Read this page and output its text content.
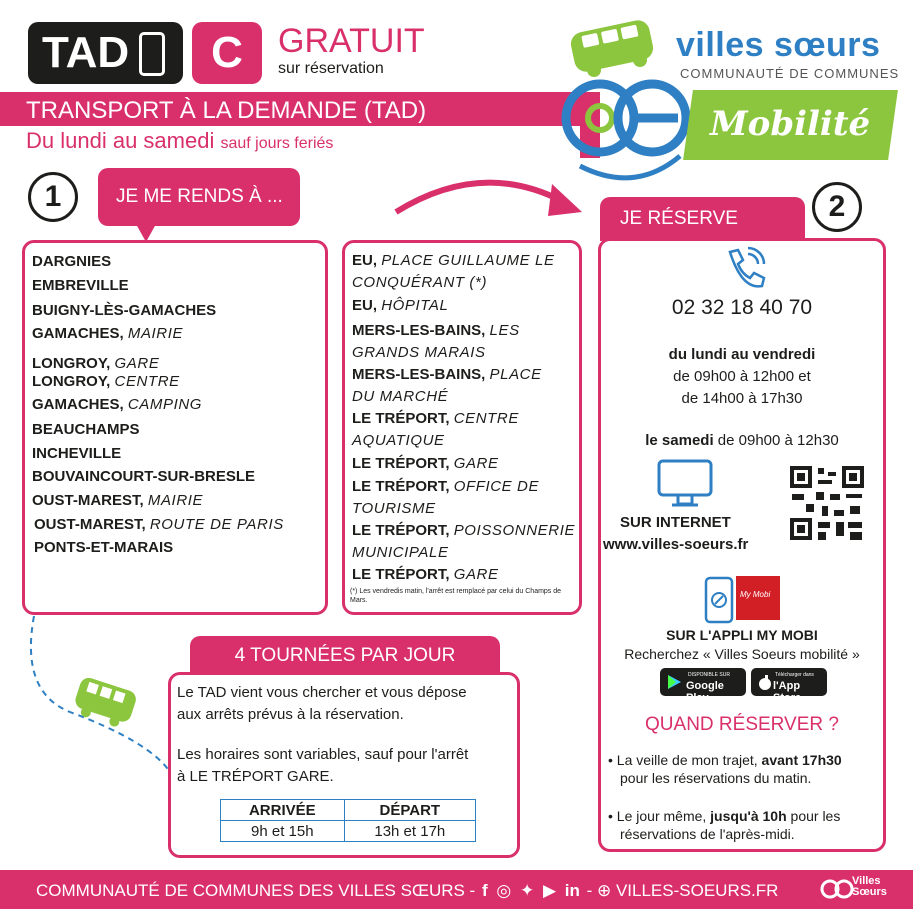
TAD	C	GRATUIT
sur réservation
TRANSPORT À LA DEMANDE (TAD)
Du lundi au samedi sauf jours feriés
villes sœurs
COMMUNAUTÉ DE COMMUNES
Mobilité
1	JE ME RENDS À ...
DARGNIES
EMBREVILLE
BUIGNY-LÈS-GAMACHES
GAMACHES, MAIRIE
LONGROY, GARE
LONGROY, CENTRE
GAMACHES, CAMPING
BEAUCHAMPS
INCHEVILLE
BOUVAINCOURT-SUR-BRESLE
OUST-MAREST, MAIRIE
OUST-MAREST, ROUTE DE PARIS
PONTS-ET-MARAIS
EU, PLACE GUILLAUME LE
CONQUÉRANT (*)
EU, HÔPITAL
MERS-LES-BAINS, LES
GRANDS MARAIS
MERS-LES-BAINS, PLACE
DU MARCHÉ
LE TRÉPORT, CENTRE
AQUATIQUE
LE TRÉPORT, GARE
LE TRÉPORT, OFFICE DE
TOURISME
LE TRÉPORT, POISSONNERIE
MUNICIPALE
LE TRÉPORT, GARE
(*) Les vendredis matin, l'arrêt est remplacé par celui du Champs de Mars.
JE RÉSERVE	2
02 32 18 40 70
du lundi au vendredi
de 09h00 à 12h00 et
de 14h00 à 17h30
le samedi de 09h00 à 12h30
SUR INTERNET
www.villes-soeurs.fr
My Mobi
SUR L'APPLI MY MOBI
Recherchez « Villes Soeurs mobilité »
DISPONIBLE SUR
Google Play
Télécharger dans
l'App Store
QUAND RÉSERVER ?
• La veille de mon trajet, avant 17h30
pour les réservations du matin.
• Le jour même, jusqu'à 10h pour les
réservations de l'après-midi.
4 TOURNÉES PAR JOUR
Le TAD vient vous chercher et vous dépose
aux arrêts prévus à la réservation.
Les horaires sont variables, sauf pour l'arrêt
à LE TRÉPORT GARE.
ARRIVÉE	DÉPART
9h et 15h	13h et 17h
COMMUNAUTÉ DE COMMUNES DES VILLES SŒURS - f ◎ ✦ ▶ in - ⊕ VILLES-SOEURS.FR	Villes Sœurs
